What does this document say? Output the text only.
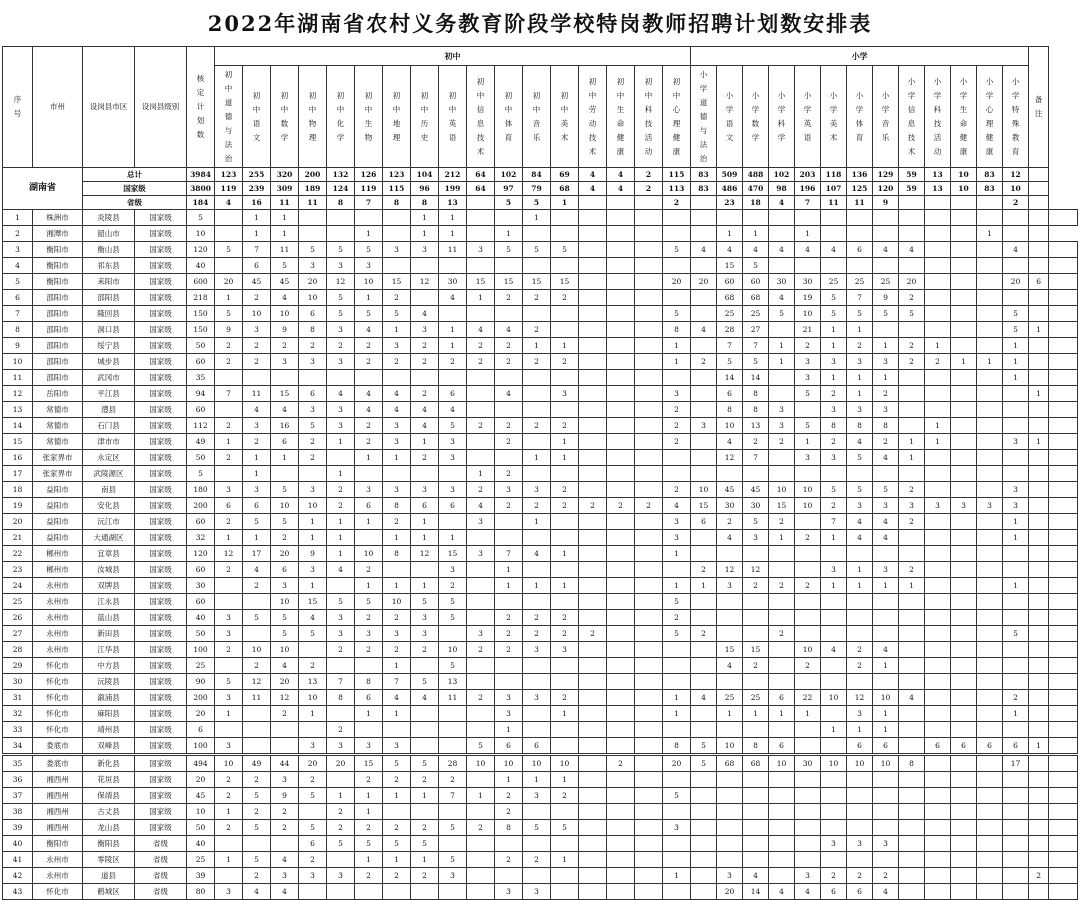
2022年湖南省农村义务教育阶段学校特岗教师招聘计划数安排表
序号	市州	设岗县市区	设岗县级别	核定计划数	初中																	小学													备注	
					初中道德与法治	初中语文	初中数学	初中物理	初中化学	初中生物	初中地理	初中历史	初中英语	初中信息技术	初中体育	初中音乐	初中美术	初中劳动技术	初中生命健康	初中科技活动	初中心理健康	小学道德与法治	小学语文	小学数学	小学科学	小学英语	小学美术	小学体育	小学音乐	小学信息技术	小学科技活动	小学生命健康	小学心理健康	小学特殊教育		
湖南省		总计		3984	123	255	320	200	132	126	123	104	212	64	102	84	69	4	4	2	115	83	509	488	102	203	118	136	129	59	13	10	83	12		
		国家级		3800	119	239	309	189	124	119	115	96	199	64	97	79	68	4	4	2	113	83	486	470	98	196	107	125	120	59	13	10	83	10		
		省级		184	4	16	11	11	8	7	8	8	13		5	5	1				2		23	18	4	7	11	11	9					2		
1	株洲市	炎陵县	国家级	5		1	1					1	1			1																				
2	湘潭市	韶山市	国家级	10		1	1			1		1	1		1								1	1		1							1			
3	衡阳市	衡山县	国家级	120	5	7	11	5	5	5	3	3	11	3	5	5	5				5	4	4	4	4	4	4	6	4	4				4		
4	衡阳市	祁东县	国家级	40		6	5	3	3	3													15	5												
5	衡阳市	耒阳市	国家级	600	20	45	45	20	12	10	15	12	30	15	15	15	15				20	20	60	60	30	30	25	25	25	20				20	6	
6	邵阳市	邵阳县	国家级	218	1	2	4	10	5	1	2		4	1	2	2	2						68	68	4	19	5	7	9	2						
7	邵阳市	隆回县	国家级	150	5	10	10	6	5	5	5	4									5		25	25	5	10	5	5	5	5				5		
8	邵阳市	洞口县	国家级	150	9	3	9	8	3	4	1	3	1	4	4	2					8	4	28	27		21	1	1						5	1	
9	邵阳市	绥宁县	国家级	50	2	2	2	2	2	2	3	2	1	2	2	1	1				1		7	7	1	2	1	2	1	2	1			1		
10	邵阳市	城步县	国家级	60	2	2	3	3	3	2	2	2	2	2	2	2	2				1	2	5	5	1	3	3	3	3	2	2	1	1	1		
11	邵阳市	武冈市	国家级	35																			14	14		3	1	1	1					1		
12	岳阳市	平江县	国家级	94	7	11	15	6	4	4	4	2	6		4		3				3		6	8		5	2	1	2						1	
13	常德市	澧县	国家级	60		4	4	3	3	4	4	4	4								2		8	8	3		3	3	3							
14	常德市	石门县	国家级	112	2	3	16	5	3	2	3	4	5	2	2	2	2				2	3	10	13	3	5	8	8	8		1					
15	常德市	津市市	国家级	49	1	2	6	2	1	2	3	1	3		2		1				2		4	2	2	1	2	4	2	1	1			3	1	
16	张家界市	永定区	国家级	50	2	1	1	2		1	1	2	3			1	1						12	7		3	3	5	4	1						
17	张家界市	武陵源区	国家级	5		1			1					1	2																					
18	益阳市	南县	国家级	180	3	3	5	3	2	3	3	3	3	2	3	3	2				2	10	45	45	10	10	5	5	5	2				3		
19	益阳市	安化县	国家级	200	6	6	10	10	2	6	8	6	6	4	2	2	2	2	2	2	4	15	30	30	15	10	2	3	3	3	3	3	3	3		
20	益阳市	沅江市	国家级	60	2	5	5	1	1	1	2	1		3		1					3	6	2	5	2		7	4	4	2				1		
21	益阳市	大通湖区	国家级	32	1	1	2	1	1		1	1	1								3		4	3	1	2	1	4	4					1		
22	郴州市	宜章县	国家级	120	12	17	20	9	1	10	8	12	15	3	7	4	1				1															
23	郴州市	汝城县	国家级	60	2	4	6	3	4	2			3		1							2	12	12			3	1	3	2						
24	永州市	双牌县	国家级	30		2	3	1		1	1	1	2		1	1	1				1	1	3	2	2	2	1	1	1	1				1		
25	永州市	江永县	国家级	60			10	15	5	5	10	5	5								5															
26	永州市	蓝山县	国家级	40	3	5	5	4	3	2	2	3	5		2	2	2				2															
27	永州市	新田县	国家级	50	3		5	5	3	3	3	3		3	2	2	2	2			5	2			2									5		
28	永州市	江华县	国家级	100	2	10	10		2	2	2	2	10	2	2	3	3						15	15		10	4	2	4							
29	怀化市	中方县	国家级	25		2	4	2			1		5										4	2		2		2	1							
30	怀化市	沅陵县	国家级	90	5	12	20	13	7	8	7	5	13																							
31	怀化市	溆浦县	国家级	200	3	11	12	10	8	6	4	4	11	2	3	3	2				1	4	25	25	6	22	10	12	10	4				2		
32	怀化市	麻阳县	国家级	20	1		2	1		1	1				3		1				1		1	1	1	1		3	1					1		
33	怀化市	靖州县	国家级	6					2						1												1	1	1							
34	娄底市	双峰县	国家级	100	3			3	3	3	3			5	6	6					8	5	10	8	6			6	6		6	6	6	6	1	

35	娄底市	新化县	国家级	494	10	49	44	20	20	15	5	5	28	10	10	10	10		2		20	5	68	68	10	30	10	10	10	8				17		
36	湘西州	花垣县	国家级	20	2	2	3	2		2	2	2	2		1	1	1																			
37	湘西州	保靖县	国家级	45	2	5	9	5	1	1	1	1	7	1	2	3	2				5															
38	湘西州	古丈县	国家级	10	1	2	2		2	1					2																					
39	湘西州	龙山县	国家级	50	2	5	2	5	2	2	2	2	5	2	8	5	5				3															
40	衡阳市	衡阳县	省级	40				6	5	5	5	5															3	3	3							
41	永州市	零陵区	省级	25	1	5	4	2		1	1	1	5		2	2	1																			
42	永州市	道县	省级	39		2	3	3	3	2	2	2	3								1		3	4		3	2	2	2						2	
43	怀化市	鹤城区	省级	80	3	4	4								3	3							20	14	4	4	6	6	4							
